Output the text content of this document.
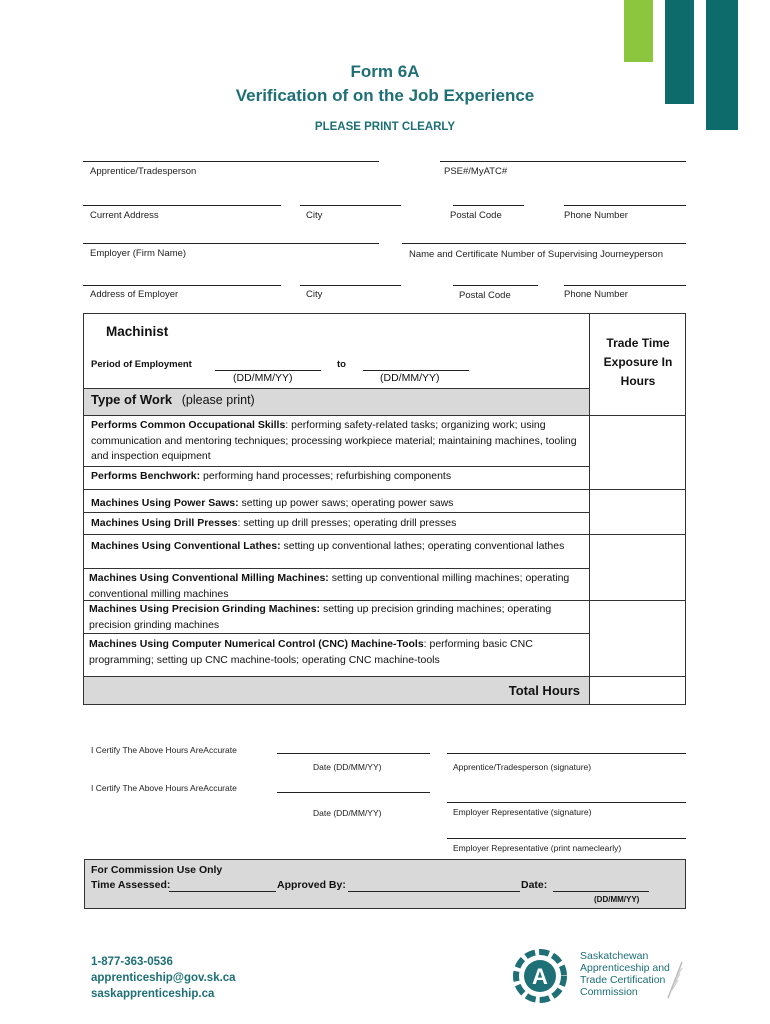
Form 6A
Verification of on the Job Experience
PLEASE PRINT CLEARLY
Apprentice/Tradesperson	PSE#/MyATC#
Current Address	City	Postal Code	Phone Number
Employer (Firm Name)	Name and Certificate Number of Supervising Journeyperson
Address of Employer	City	Postal Code	Phone Number
Machinist
Period of Employment	to
(DD/MM/YY)	(DD/MM/YY)
Trade Time Exposure In Hours
Type of Work (please print)
Performs Common Occupational Skills: performing safety-related tasks; organizing work; using communication and mentoring techniques; processing workpiece material; maintaining machines, tooling and inspection equipment
Performs Benchwork: performing hand processes; refurbishing components
Machines Using Power Saws: setting up power saws; operating power saws
Machines Using Drill Presses: setting up drill presses; operating drill presses
Machines Using Conventional Lathes: setting up conventional lathes; operating conventional lathes
Machines Using Conventional Milling Machines: setting up conventional milling machines; operating conventional milling machines
Machines Using Precision Grinding Machines: setting up precision grinding machines; operating precision grinding machines
Machines Using Computer Numerical Control (CNC) Machine-Tools: performing basic CNC programming; setting up CNC machine-tools; operating CNC machine-tools
Total Hours
I Certify The Above Hours AreAccurate
Date (DD/MM/YY)	Apprentice/Tradesperson (signature)
I Certify The Above Hours AreAccurate
Date (DD/MM/YY)	Employer Representative (signature)
Employer Representative (print nameclearly)
For Commission Use Only
Time Assessed:	Approved By:	Date:
(DD/MM/YY)
1-877-363-0536
apprenticeship@gov.sk.ca
saskapprenticeship.ca
A
Saskatchewan
Apprenticeship and
Trade Certification
Commission
